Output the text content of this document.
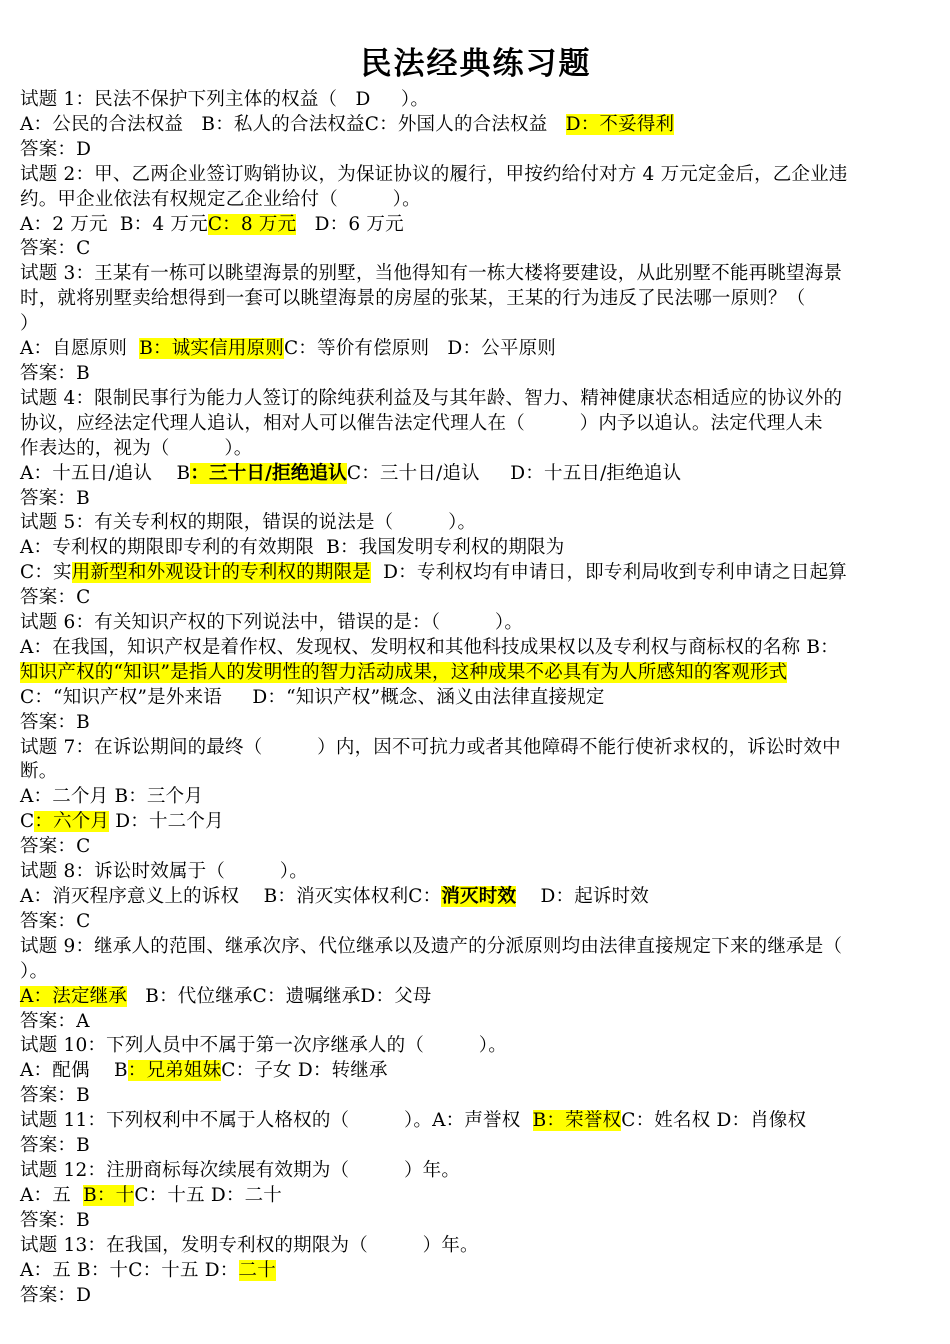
民法经典练习题
试题 1：民法不保护下列主体的权益（   D     ）。
A：公民的合法权益   B：私人的合法权益C：外国人的合法权益   D：不妥得利
答案：D
试题 2：甲、乙两企业签订购销协议，为保证协议的履行，甲按约给付对方 4 万元定金后，乙企业违
约。甲企业依法有权规定乙企业给付（         ）。
A：2 万元  B：4 万元C：8 万元   D：6 万元
答案：C
试题 3：王某有一栋可以眺望海景的别墅，当他得知有一栋大楼将要建设，从此别墅不能再眺望海景
时，就将别墅卖给想得到一套可以眺望海景的房屋的张某，王某的行为违反了民法哪一原则？（
）
A：自愿原则  B：诚实信用原则C：等价有偿原则   D：公平原则
答案：B
试题 4：限制民事行为能力人签订的除纯获利益及与其年龄、智力、精神健康状态相适应的协议外的
协议，应经法定代理人追认，相对人可以催告法定代理人在（         ）内予以追认。法定代理人未
作表达的，视为（         ）。
A：十五日/追认    B：三十日/拒绝追认C：三十日/追认     D：十五日/拒绝追认
答案：B
试题 5：有关专利权的期限，错误的说法是（         ）。
A：专利权的期限即专利的有效期限  B：我国发明专利权的期限为
C：实用新型和外观设计的专利权的期限是  D：专利权均有申请日，即专利局收到专利申请之日起算
答案：C
试题 6：有关知识产权的下列说法中，错误的是：（         ）。
A：在我国，知识产权是着作权、发现权、发明权和其他科技成果权以及专利权与商标权的名称 B：
知识产权的“知识”是指人的发明性的智力活动成果，这种成果不必具有为人所感知的客观形式
C：“知识产权”是外来语     D：“知识产权”概念、涵义由法律直接规定
答案：B
试题 7：在诉讼期间的最终（         ）内，因不可抗力或者其他障碍不能行使祈求权的，诉讼时效中
断。
A：二个月 B：三个月
C：六个月 D：十二个月
答案：C
试题 8：诉讼时效属于（         ）。
A：消灭程序意义上的诉权    B：消灭实体权利C：消灭时效    D：起诉时效
答案：C
试题 9：继承人的范围、继承次序、代位继承以及遗产的分派原则均由法律直接规定下来的继承是（
）。
A：法定继承   B：代位继承C：遗嘱继承D：父母
答案：A
试题 10：下列人员中不属于第一次序继承人的（         ）。
A：配偶    B：兄弟姐妹C：子女 D：转继承
答案：B
试题 11：下列权利中不属于人格权的（         ）。A：声誉权  B：荣誉权C：姓名权 D：肖像权
答案：B
试题 12：注册商标每次续展有效期为（         ）年。
A：五  B：十C：十五 D：二十
答案：B
试题 13：在我国，发明专利权的期限为（         ）年。
A：五 B：十C：十五 D：二十
答案：D
